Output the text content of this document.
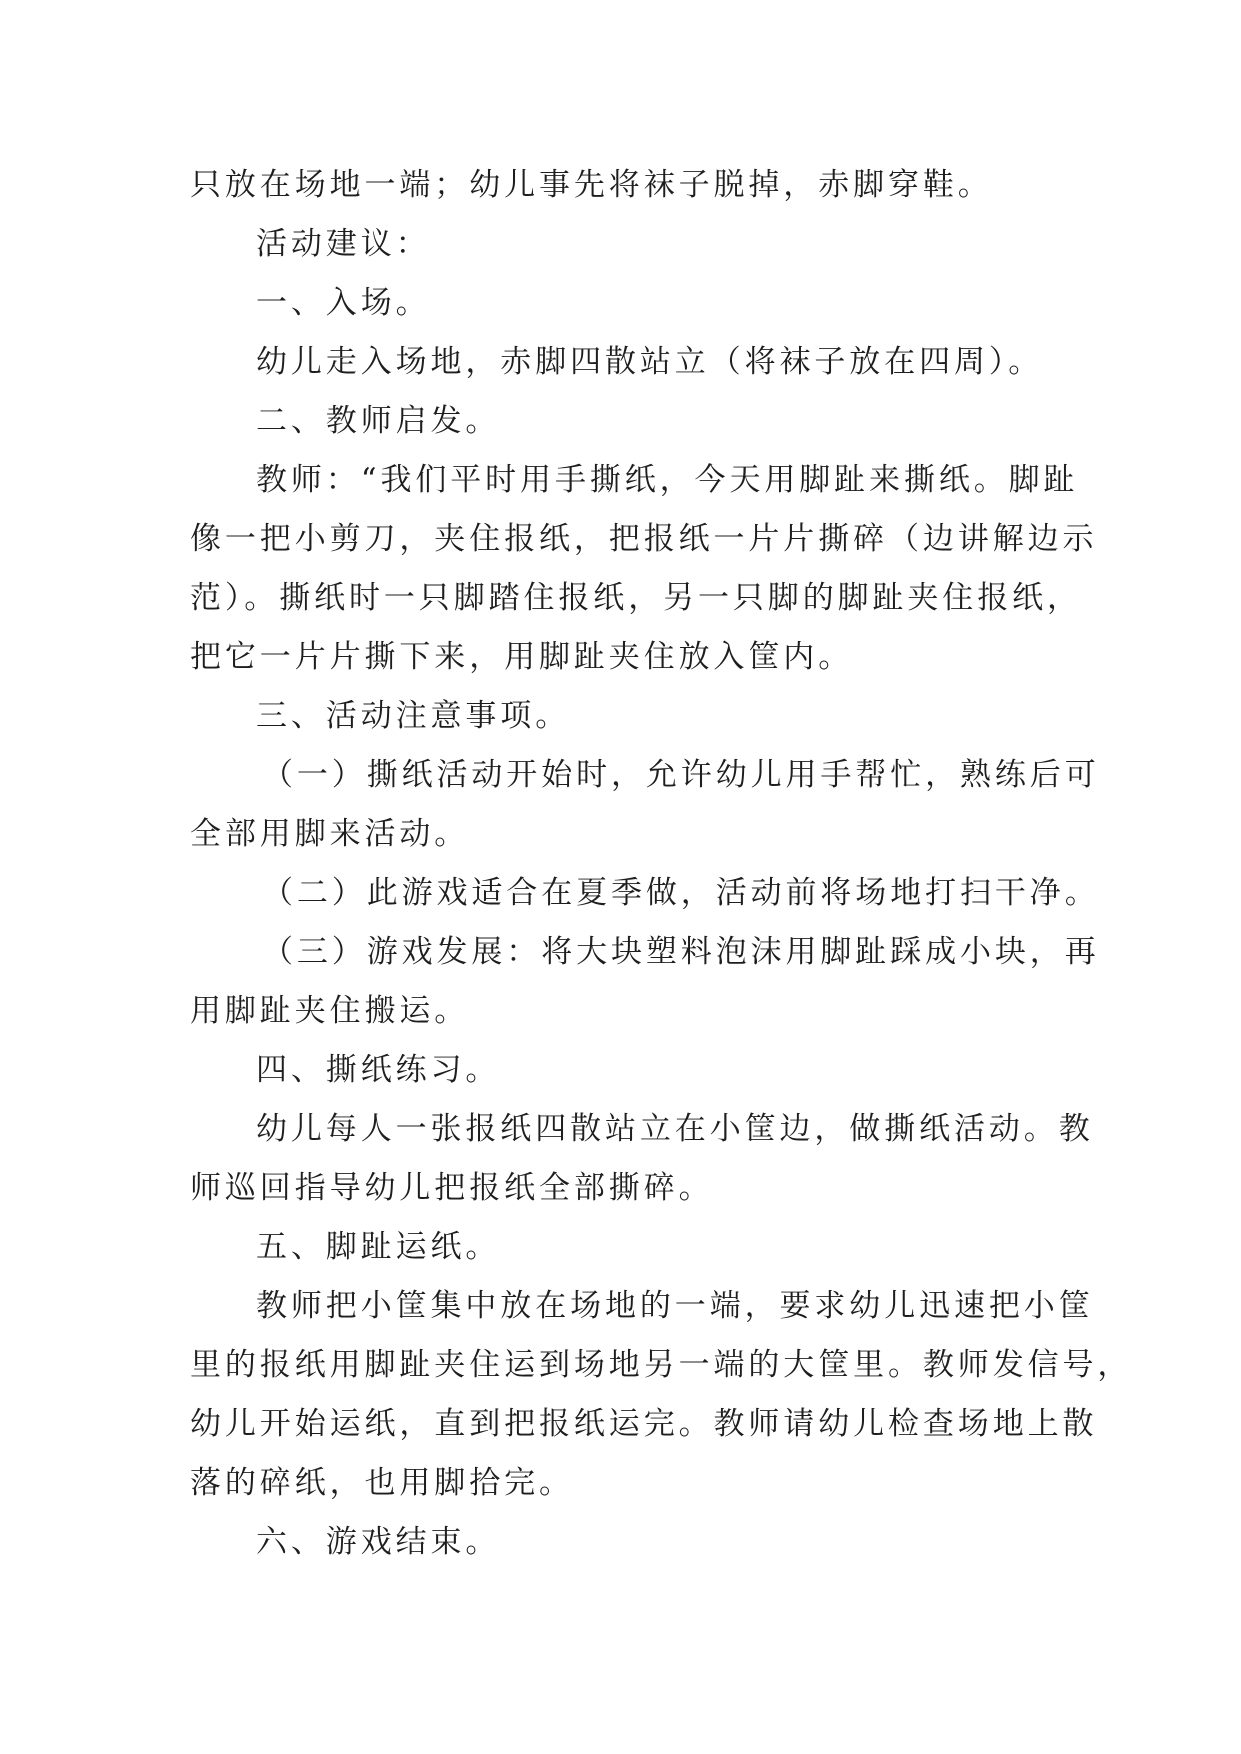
只放在场地一端；幼儿事先将袜子脱掉，赤脚穿鞋。
活动建议：
一、入场。
幼儿走入场地，赤脚四散站立（将袜子放在四周）。
二、教师启发。
教师：“我们平时用手撕纸，今天用脚趾来撕纸。脚趾
像一把小剪刀，夹住报纸，把报纸一片片撕碎（边讲解边示
范）。撕纸时一只脚踏住报纸，另一只脚的脚趾夹住报纸，
把它一片片撕下来，用脚趾夹住放入筐内。
三、活动注意事项。
（一）撕纸活动开始时，允许幼儿用手帮忙，熟练后可
全部用脚来活动。
（二）此游戏适合在夏季做，活动前将场地打扫干净。
（三）游戏发展：将大块塑料泡沫用脚趾踩成小块，再
用脚趾夹住搬运。
四、撕纸练习。
幼儿每人一张报纸四散站立在小筐边，做撕纸活动。教
师巡回指导幼儿把报纸全部撕碎。
五、脚趾运纸。
教师把小筐集中放在场地的一端，要求幼儿迅速把小筐
里的报纸用脚趾夹住运到场地另一端的大筐里。教师发信号，
幼儿开始运纸，直到把报纸运完。教师请幼儿检查场地上散
落的碎纸，也用脚拾完。
六、游戏结束。
